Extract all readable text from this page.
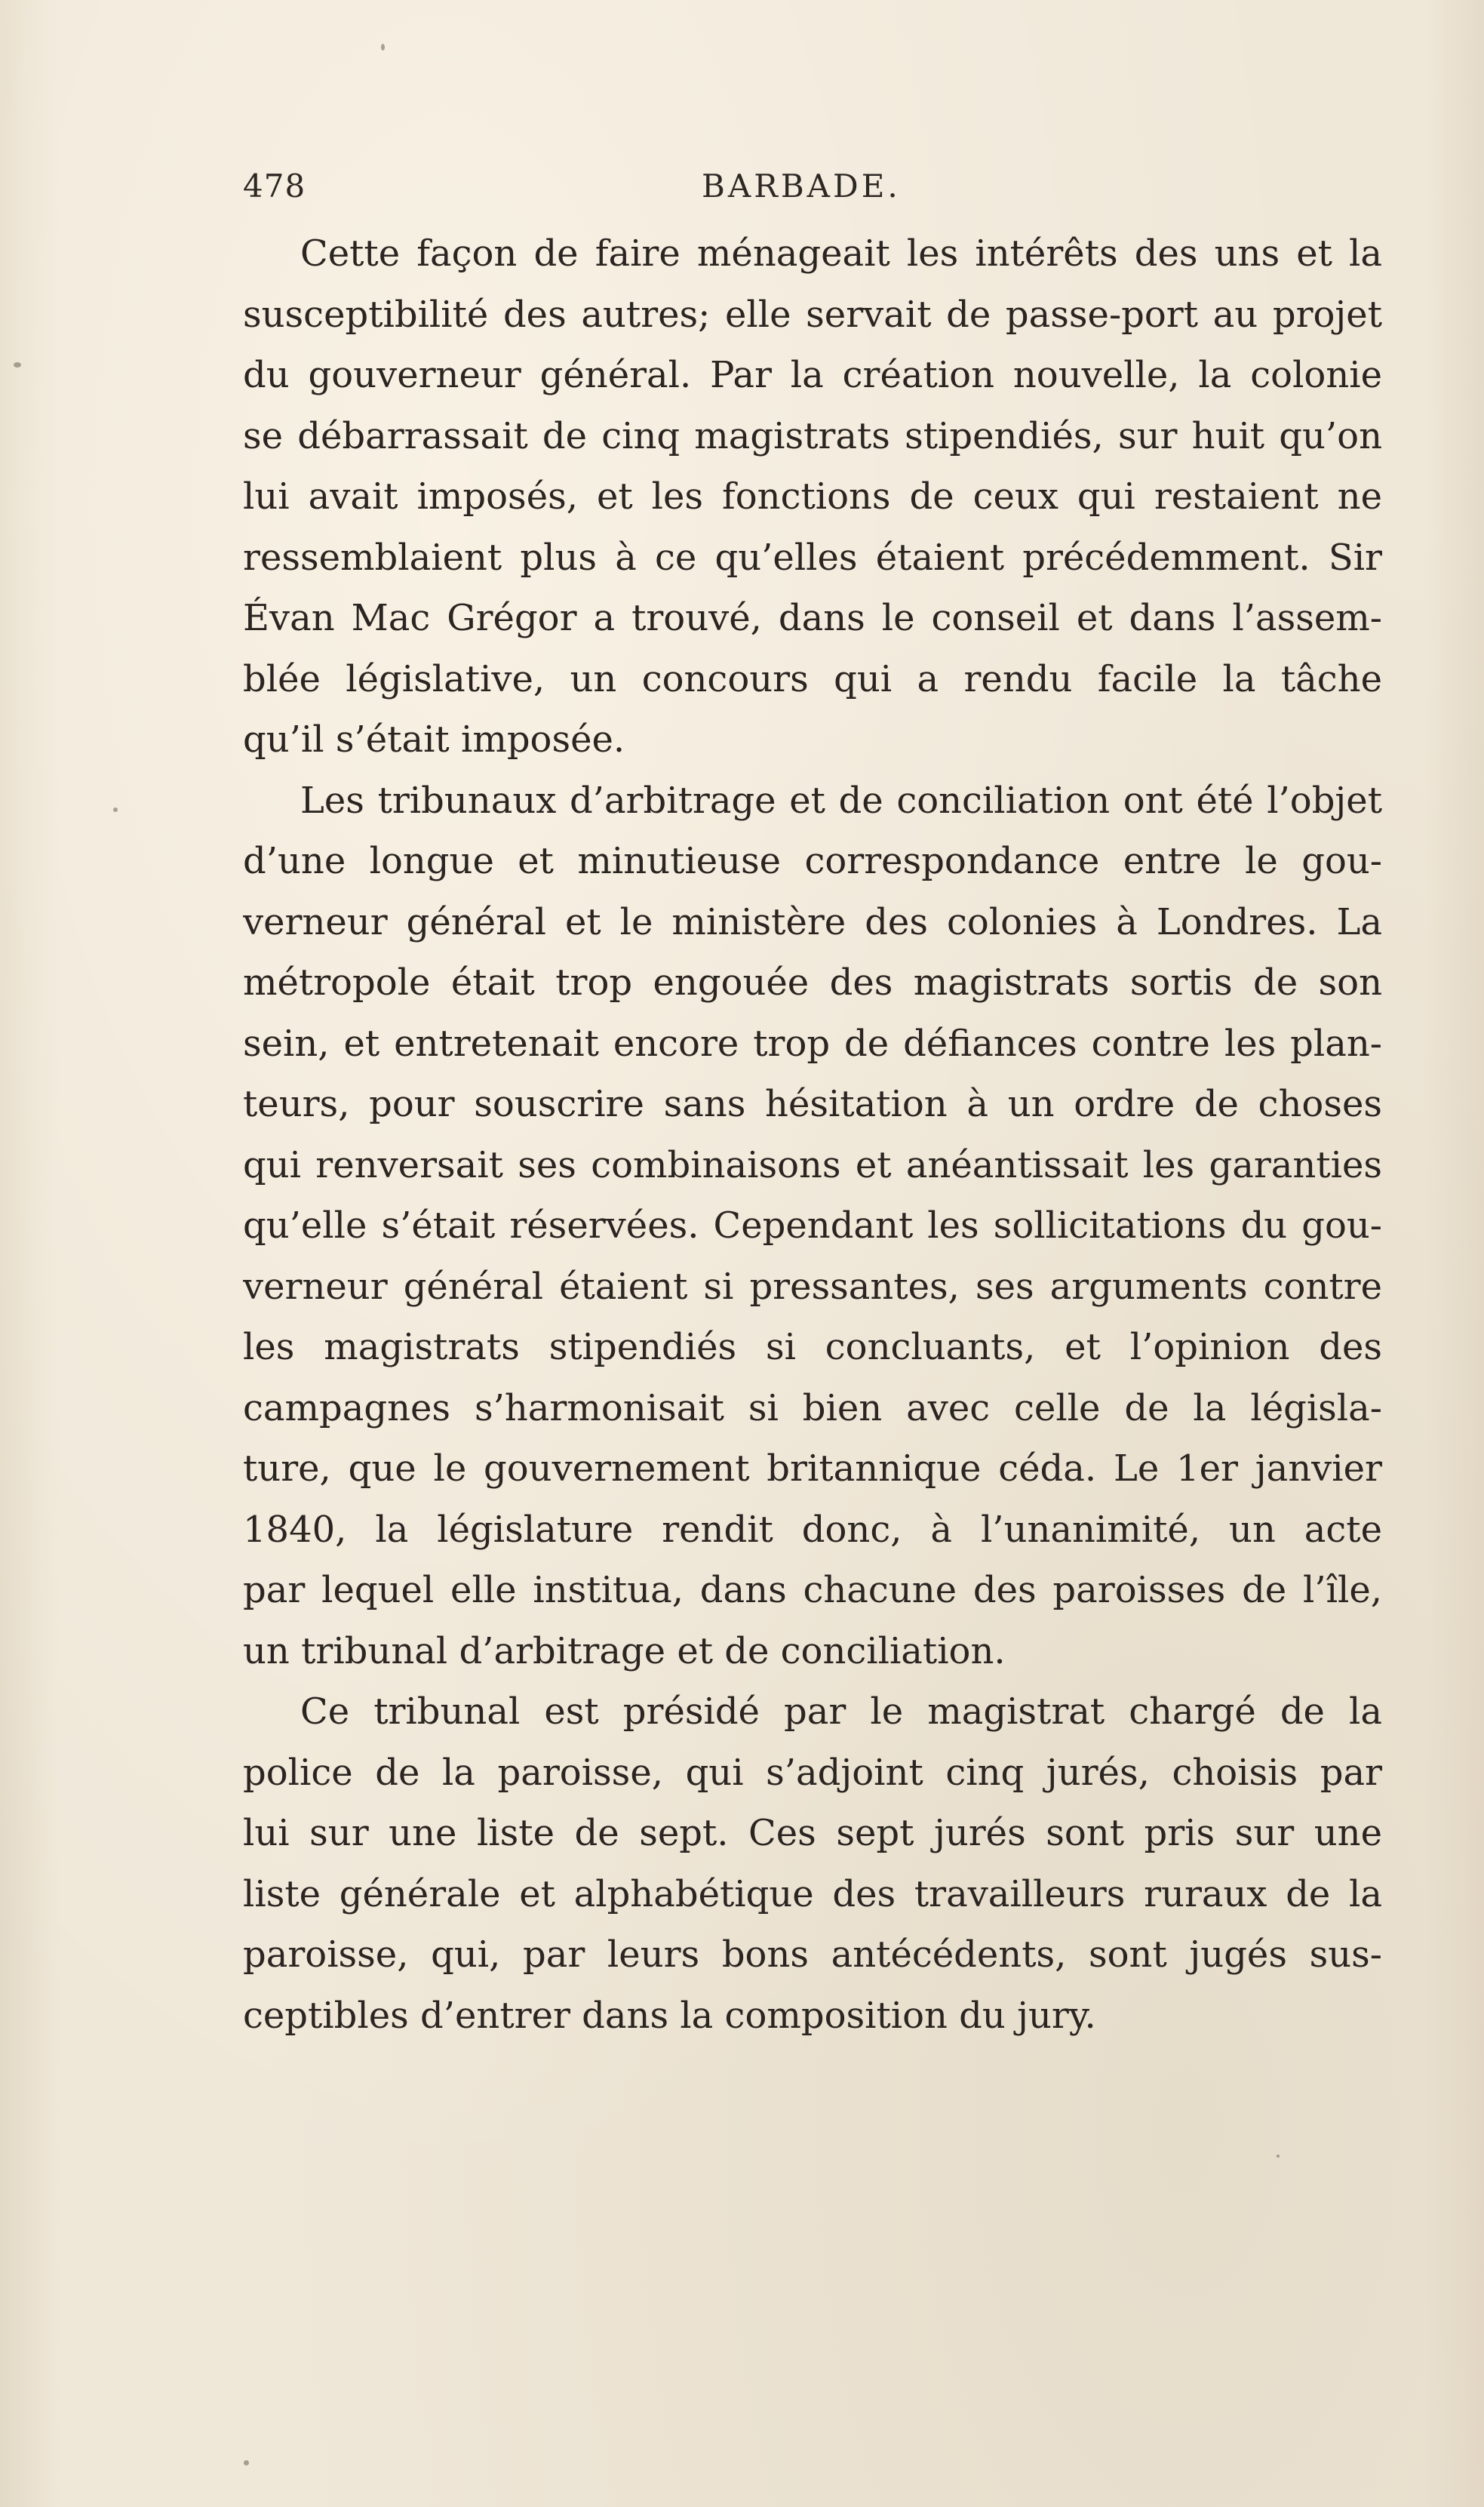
478	BARBADE.

Cette façon de faire ménageait les intérêts des uns et la
susceptibilité des autres; elle servait de passe-port au projet
du gouverneur général. Par la création nouvelle, la colonie
se débarrassait de cinq magistrats stipendiés, sur huit qu’on
lui avait imposés, et les fonctions de ceux qui restaient ne
ressemblaient plus à ce qu’elles étaient précédemment. Sir
Évan Mac Grégor a trouvé, dans le conseil et dans l’assem-
blée législative, un concours qui a rendu facile la tâche
qu’il s’était imposée.

Les tribunaux d’arbitrage et de conciliation ont été l’objet
d’une longue et minutieuse correspondance entre le gou-
verneur général et le ministère des colonies à Londres. La
métropole était trop engouée des magistrats sortis de son
sein, et entretenait encore trop de défiances contre les plan-
teurs, pour souscrire sans hésitation à un ordre de choses
qui renversait ses combinaisons et anéantissait les garanties
qu’elle s’était réservées. Cependant les sollicitations du gou-
verneur général étaient si pressantes, ses arguments contre
les magistrats stipendiés si concluants, et l’opinion des
campagnes s’harmonisait si bien avec celle de la législa-
ture, que le gouvernement britannique céda. Le 1er janvier
1840, la législature rendit donc, à l’unanimité, un acte
par lequel elle institua, dans chacune des paroisses de l’île,
un tribunal d’arbitrage et de conciliation.

Ce tribunal est présidé par le magistrat chargé de la
police de la paroisse, qui s’adjoint cinq jurés, choisis par
lui sur une liste de sept. Ces sept jurés sont pris sur une
liste générale et alphabétique des travailleurs ruraux de la
paroisse, qui, par leurs bons antécédents, sont jugés sus-
ceptibles d’entrer dans la composition du jury.
